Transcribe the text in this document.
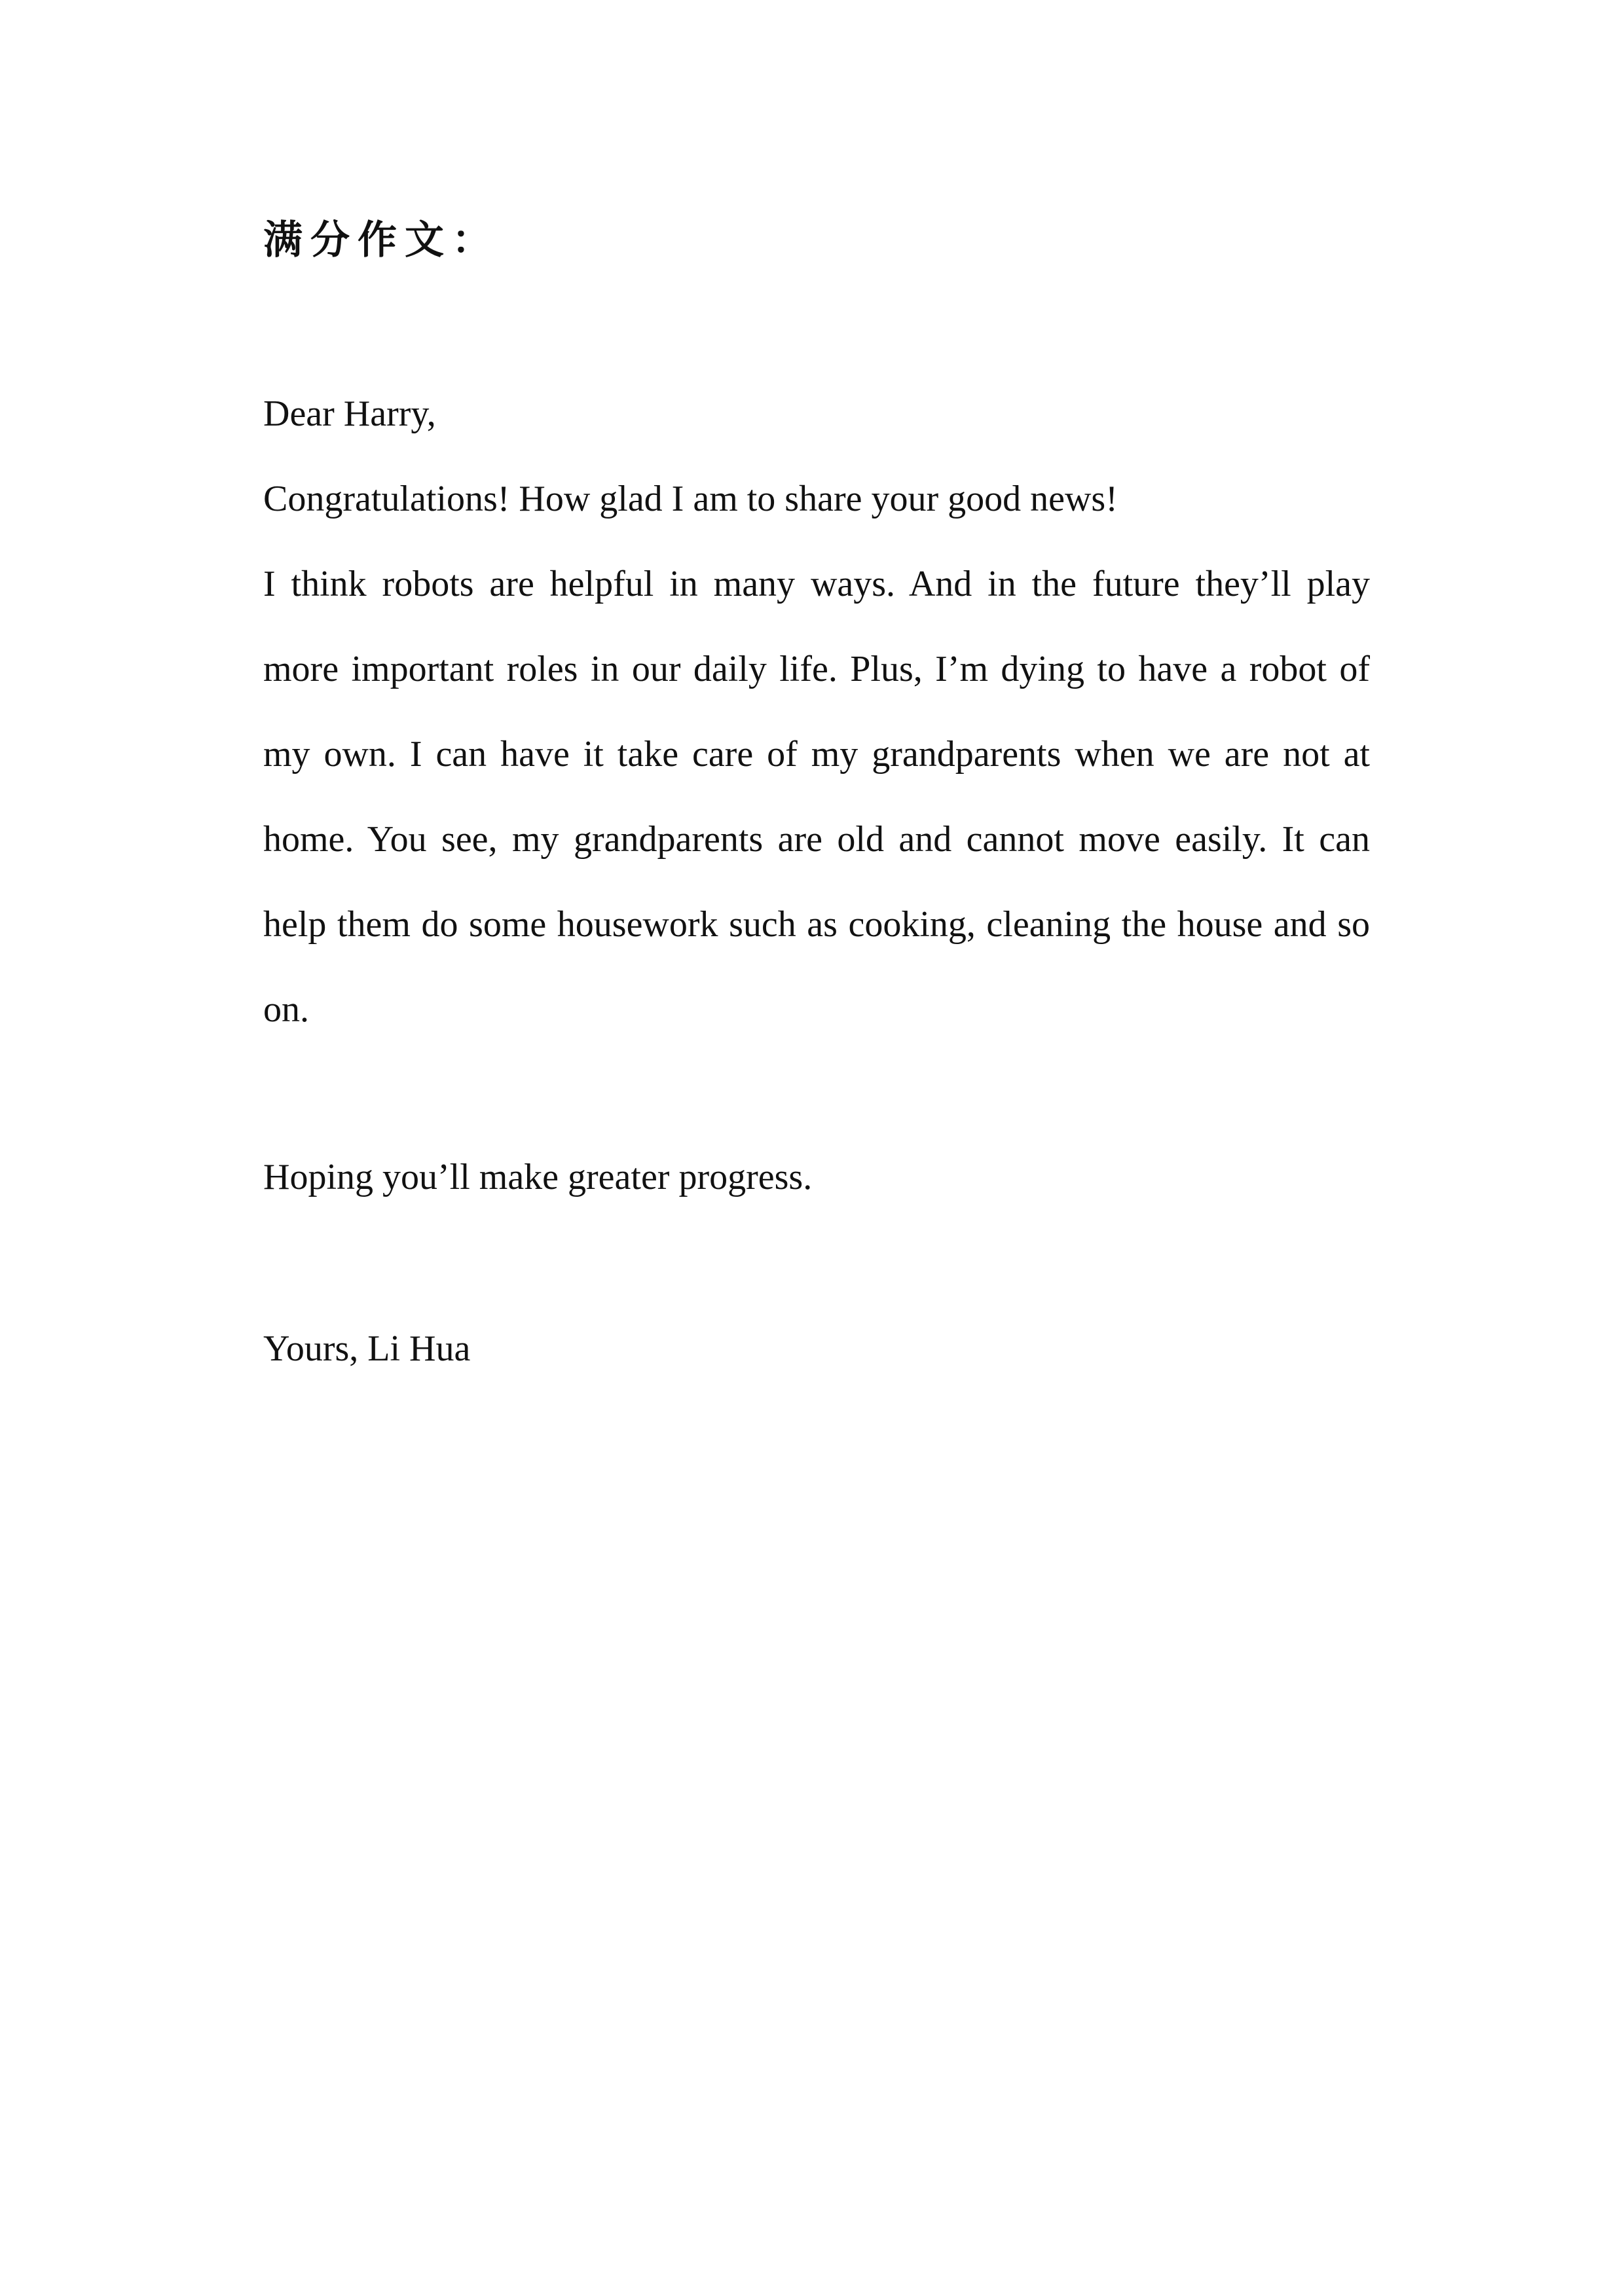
满分作文：
Dear Harry,
Congratulations! How glad I am to share your good news!
I think robots are helpful in many ways. And in the future they’ll play more important roles in our daily life. Plus, I’m dying to have a robot of my own. I can have it take care of my grandparents when we are not at home. You see, my grandparents are old and cannot move easily. It can help them do some housework such as cooking, cleaning the house and so on.
Hoping you’ll make greater progress.
Yours, Li Hua
